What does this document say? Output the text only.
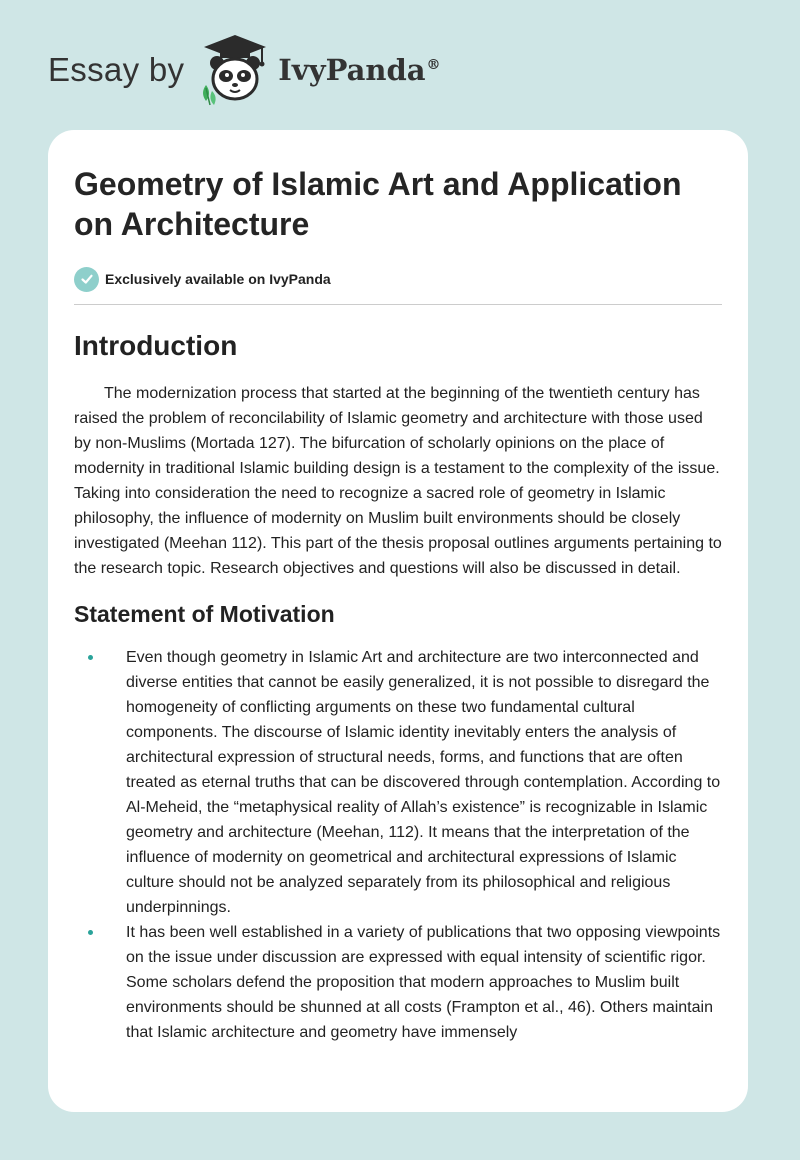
Essay by	IvyPanda®
Geometry of Islamic Art and Application on Architecture
Exclusively available on IvyPanda
Introduction

The modernization process that started at the beginning of the twentieth century has raised the problem of reconcilability of Islamic geometry and architecture with those used by non-Muslims (Mortada 127). The bifurcation of scholarly opinions on the place of modernity in traditional Islamic building design is a testament to the complexity of the issue. Taking into consideration the need to recognize a sacred role of geometry in Islamic philosophy, the influence of modernity on Muslim built environments should be closely investigated (Meehan 112). This part of the thesis proposal outlines arguments pertaining to the research topic. Research objectives and questions will also be discussed in detail.

Statement of Motivation
Even though geometry in Islamic Art and architecture are two interconnected and diverse entities that cannot be easily generalized, it is not possible to disregard the homogeneity of conflicting arguments on these two fundamental cultural components. The discourse of Islamic identity inevitably enters the analysis of architectural expression of structural needs, forms, and functions that are often treated as eternal truths that can be discovered through contemplation. According to Al-Meheid, the “metaphysical reality of Allah’s existence” is recognizable in Islamic geometry and architecture (Meehan, 112). It means that the interpretation of the influence of modernity on geometrical and architectural expressions of Islamic culture should not be analyzed separately from its philosophical and religious underpinnings.
It has been well established in a variety of publications that two opposing viewpoints on the issue under discussion are expressed with equal intensity of scientific rigor. Some scholars defend the proposition that modern approaches to Muslim built environments should be shunned at all costs (Frampton et al., 46). Others maintain that Islamic architecture and geometry have immensely
